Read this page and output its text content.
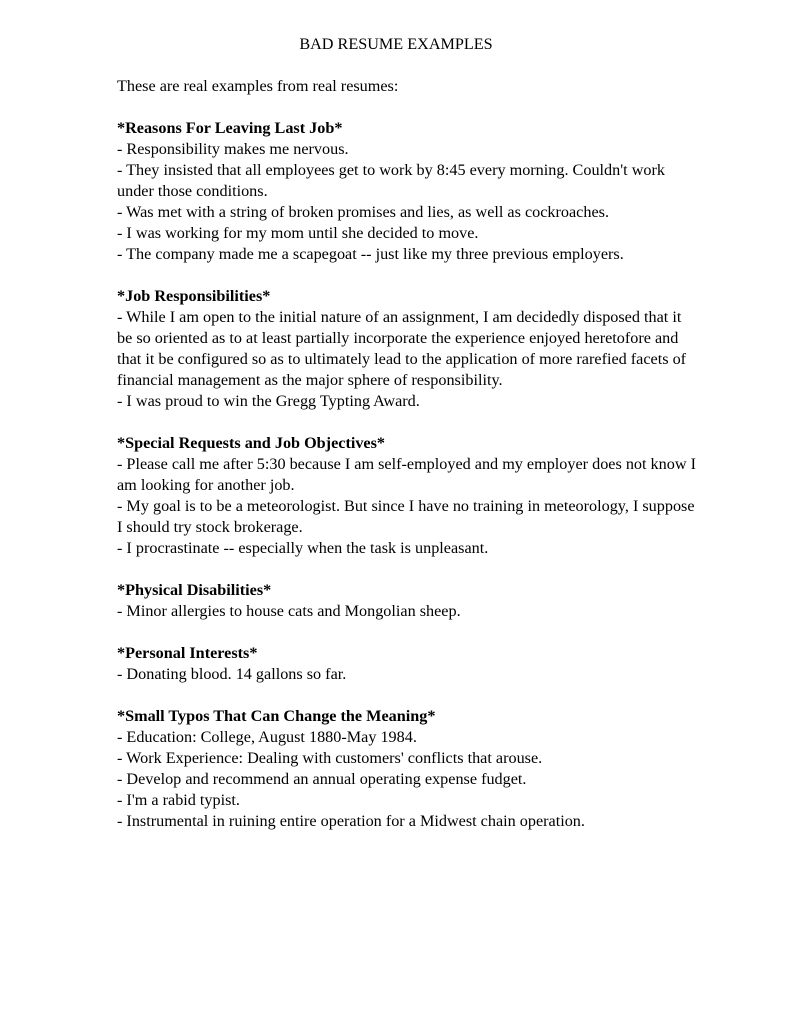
BAD RESUME EXAMPLES
These are real examples from real resumes:
*Reasons For Leaving Last Job*
- Responsibility makes me nervous.
- They insisted that all employees get to work by 8:45 every morning. Couldn't work under those conditions.
- Was met with a string of broken promises and lies, as well as cockroaches.
- I was working for my mom until she decided to move.
- The company made me a scapegoat -- just like my three previous employers.
*Job Responsibilities*
- While I am open to the initial nature of an assignment, I am decidedly disposed that it be so oriented as to at least partially incorporate the experience enjoyed heretofore and that it be configured so as to ultimately lead to the application of more rarefied facets of financial management as the major sphere of responsibility.
- I was proud to win the Gregg Typting Award.
*Special Requests and Job Objectives*
- Please call me after 5:30 because I am self-employed and my employer does not know I am looking for another job.
- My goal is to be a meteorologist. But since I have no training in meteorology, I suppose I should try stock brokerage.
- I procrastinate -- especially when the task is unpleasant.
*Physical Disabilities*
- Minor allergies to house cats and Mongolian sheep.
*Personal Interests*
- Donating blood. 14 gallons so far.
*Small Typos That Can Change the Meaning*
- Education: College, August 1880-May 1984.
- Work Experience: Dealing with customers' conflicts that arouse.
- Develop and recommend an annual operating expense fudget.
- I'm a rabid typist.
- Instrumental in ruining entire operation for a Midwest chain operation.
